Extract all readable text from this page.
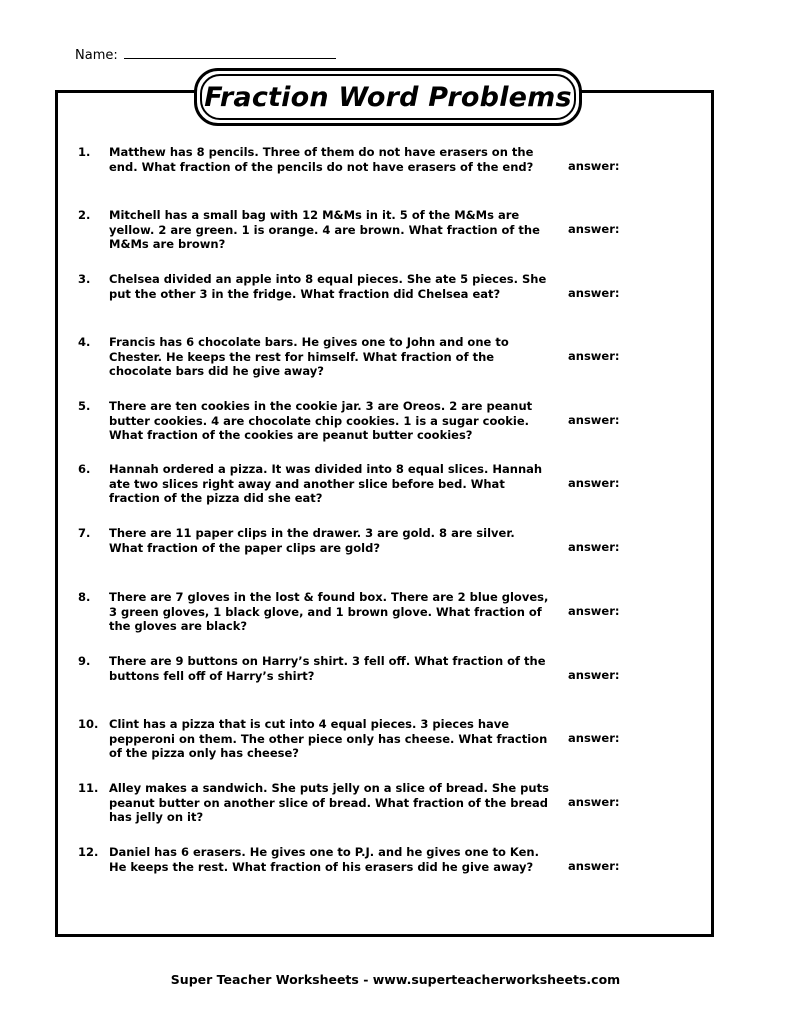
Name:
Fraction Word Problems
1.	Matthew has 8 pencils. Three of them do not have erasers on the
end. What fraction of the pencils do not have erasers of the end?	answer:
2.	Mitchell has a small bag with 12 M&Ms in it. 5 of the M&Ms are
yellow. 2 are green. 1 is orange. 4 are brown. What fraction of the
M&Ms are brown?
answer:
3.	Chelsea divided an apple into 8 equal pieces. She ate 5 pieces. She
put the other 3 in the fridge. What fraction did Chelsea eat?	answer:
4.	Francis has 6 chocolate bars. He gives one to John and one to
Chester. He keeps the rest for himself. What fraction of the
chocolate bars did he give away?
answer:
5.	There are ten cookies in the cookie jar. 3 are Oreos. 2 are peanut
butter cookies. 4 are chocolate chip cookies. 1 is a sugar cookie.
What fraction of the cookies are peanut butter cookies?
answer:
6.	Hannah ordered a pizza. It was divided into 8 equal slices. Hannah
ate two slices right away and another slice before bed. What
fraction of the pizza did she eat?
answer:
7.	There are 11 paper clips in the drawer. 3 are gold. 8 are silver.
What fraction of the paper clips are gold?	answer:
8.	There are 7 gloves in the lost & found box. There are 2 blue gloves,
3 green gloves, 1 black glove, and 1 brown glove. What fraction of
the gloves are black?
answer:
9.	There are 9 buttons on Harry’s shirt. 3 fell off. What fraction of the
buttons fell off of Harry’s shirt?	answer:
10. Clint has a pizza that is cut into 4 equal pieces. 3 pieces have
pepperoni on them. The other piece only has cheese. What fraction
of the pizza only has cheese?
answer:
11. Alley makes a sandwich. She puts jelly on a slice of bread. She puts
peanut butter on another slice of bread. What fraction of the bread
has jelly on it?
answer:
12. Daniel has 6 erasers. He gives one to P.J. and he gives one to Ken.
He keeps the rest. What fraction of his erasers did he give away?	answer:
Super Teacher Worksheets - www.superteacherworksheets.com
